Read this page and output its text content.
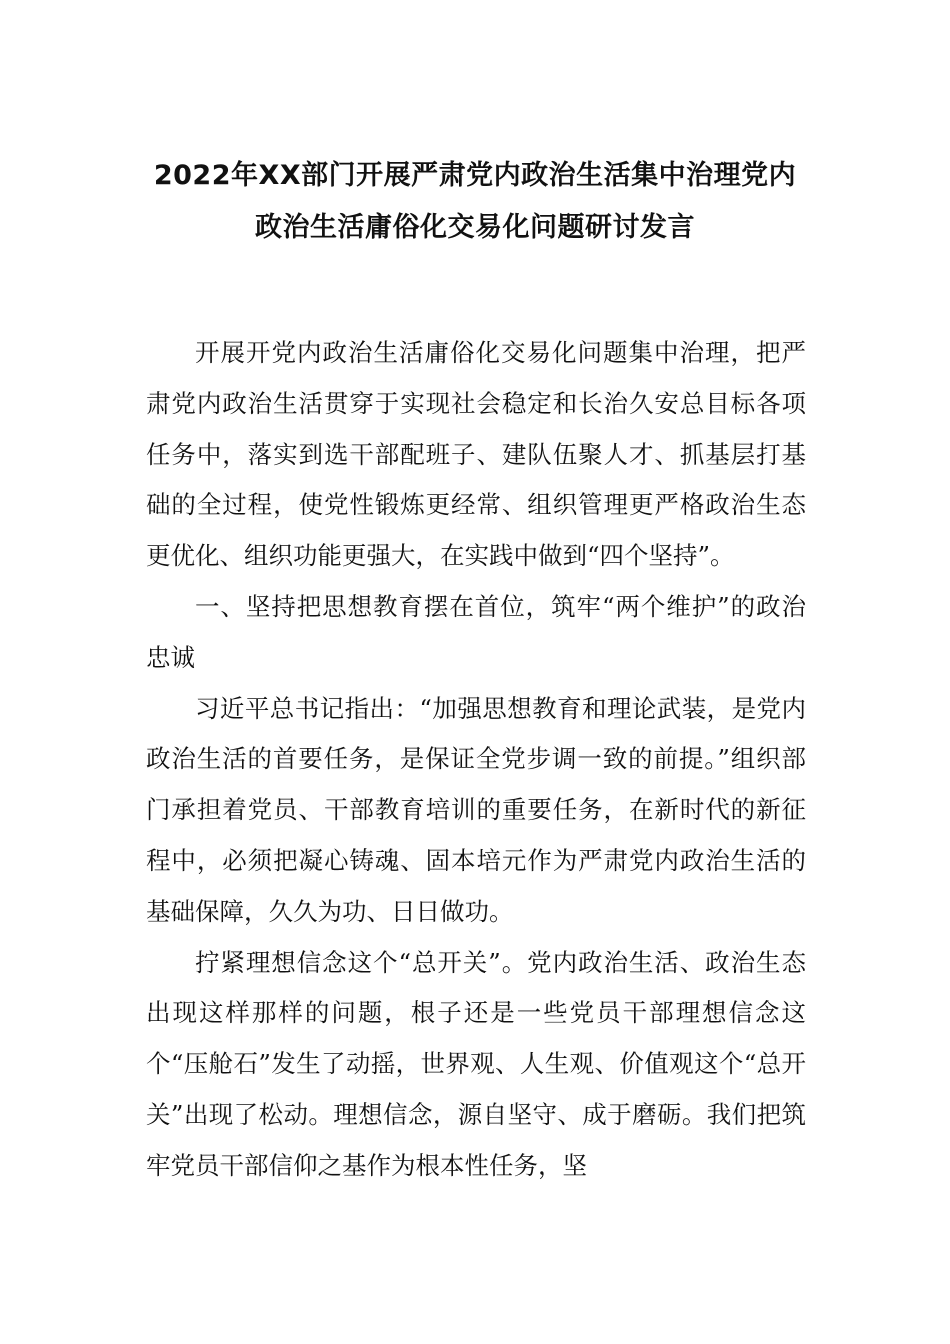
2022年XX部门开展严肃党内政治生活集中治理党内
政治生活庸俗化交易化问题研讨发言

开展开党内政治生活庸俗化交易化问题集中治理，把严肃党内政治生活贯穿于实现社会稳定和长治久安总目标各项任务中，落实到选干部配班子、建队伍聚人才、抓基层打基础的全过程，使党性锻炼更经常、组织管理更严格政治生态更优化、组织功能更强大，在实践中做到“四个坚持”。

一、坚持把思想教育摆在首位，筑牢“两个维护”的政治忠诚

习近平总书记指出：“加强思想教育和理论武装，是党内政治生活的首要任务，是保证全党步调一致的前提。”组织部门承担着党员、干部教育培训的重要任务，在新时代的新征程中，必须把凝心铸魂、固本培元作为严肃党内政治生活的基础保障，久久为功、日日做功。

拧紧理想信念这个“总开关”。党内政治生活、政治生态出现这样那样的问题，根子还是一些党员干部理想信念这个“压舱石”发生了动摇，世界观、人生观、价值观这个“总开关”出现了松动。理想信念，源自坚守、成于磨砺。我们把筑牢党员干部信仰之基作为根本性任务，坚
